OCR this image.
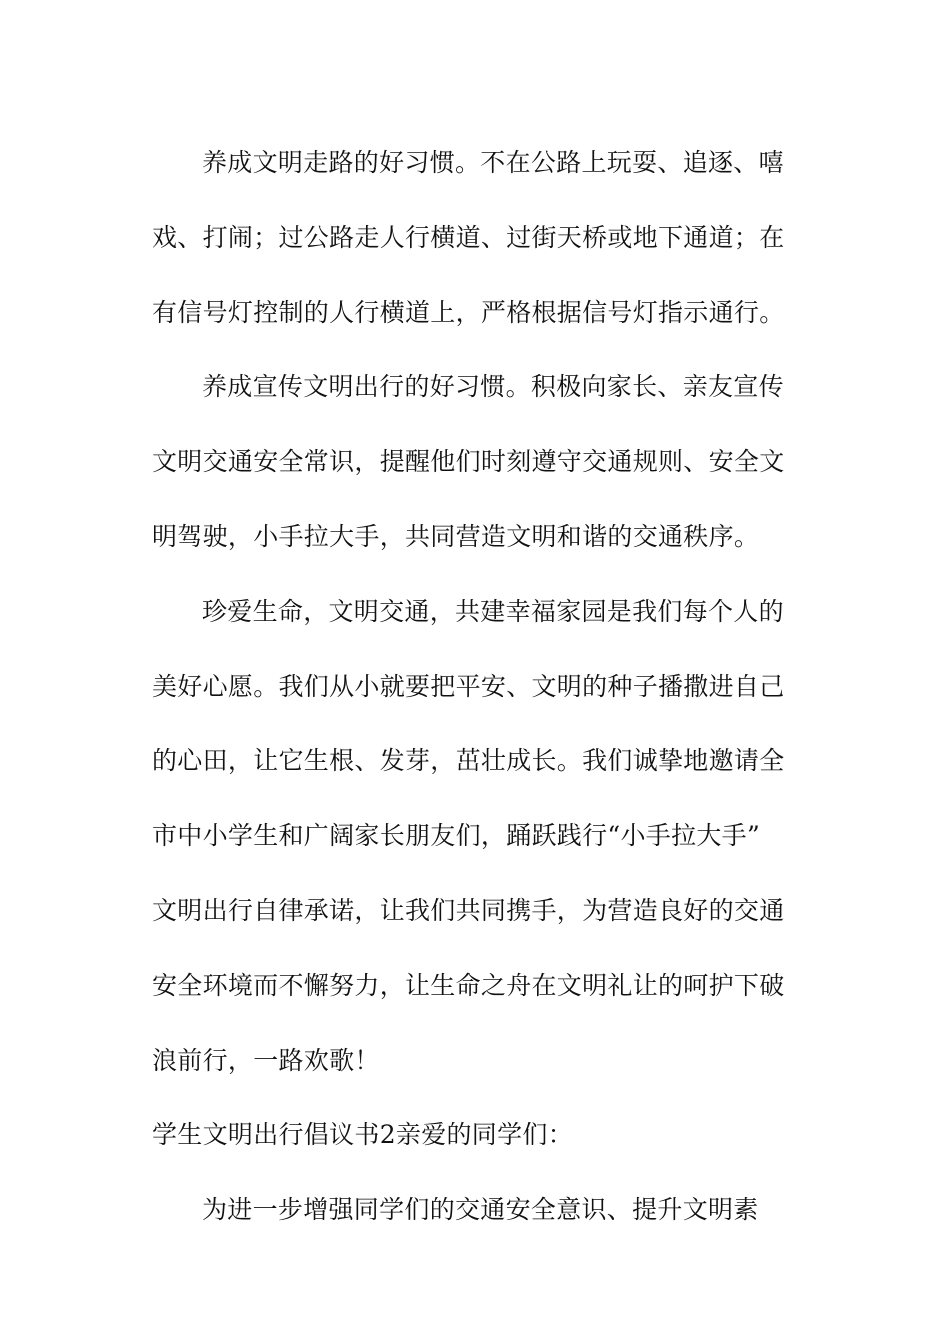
养成文明走路的好习惯。不在公路上玩耍、追逐、嘻
戏、打闹；过公路走人行横道、过街天桥或地下通道；在
有信号灯控制的人行横道上，严格根据信号灯指示通行。
养成宣传文明出行的好习惯。积极向家长、亲友宣传
文明交通安全常识，提醒他们时刻遵守交通规则、安全文
明驾驶，小手拉大手，共同营造文明和谐的交通秩序。
珍爱生命，文明交通，共建幸福家园是我们每个人的
美好心愿。我们从小就要把平安、文明的种子播撒进自己
的心田，让它生根、发芽，茁壮成长。我们诚挚地邀请全
市中小学生和广阔家长朋友们，踊跃践行“小手拉大手”
文明出行自律承诺，让我们共同携手，为营造良好的交通
安全环境而不懈努力，让生命之舟在文明礼让的呵护下破
浪前行，一路欢歌！
学生文明出行倡议书2亲爱的同学们：
为进一步增强同学们的交通安全意识、提升文明素
